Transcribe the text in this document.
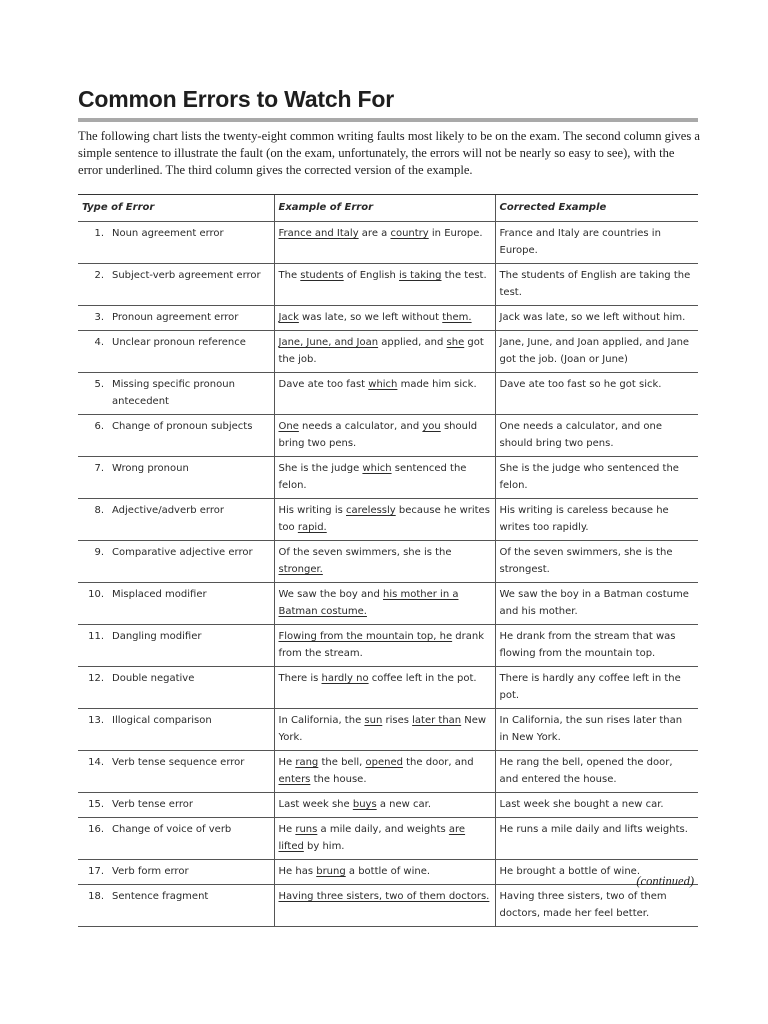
Common Errors to Watch For

The following chart lists the twenty-eight common writing faults most likely to be on the exam. The second column gives a simple sentence to illustrate the fault (on the exam, unfortunately, the errors will not be nearly so easy to see), with the error underlined. The third column gives the corrected version of the example.

Type of Error	Example of Error	Corrected Example

1. Noun agreement error	France and Italy are a country in Europe.	France and Italy are countries in Europe.

2. Subject-verb agreement error	The students of English is taking the test.	The students of English are taking the test.

3. Pronoun agreement error	Jack was late, so we left without them.	Jack was late, so we left without him.

4. Unclear pronoun reference	Jane, June, and Joan applied, and she got the job.	Jane, June, and Joan applied, and Jane got the job. (Joan or June)

5. Missing specific pronoun antecedent	Dave ate too fast which made him sick.	Dave ate too fast so he got sick.

6. Change of pronoun subjects	One needs a calculator, and you should bring two pens.	One needs a calculator, and one should bring two pens.

7. Wrong pronoun	She is the judge which sentenced the felon.	She is the judge who sentenced the felon.

8. Adjective/adverb error	His writing is carelessly because he writes too rapid.	His writing is careless because he writes too rapidly.

9. Comparative adjective error	Of the seven swimmers, she is the stronger.	Of the seven swimmers, she is the strongest.

10. Misplaced modifier	We saw the boy and his mother in a Batman costume.	We saw the boy in a Batman costume and his mother.

11. Dangling modifier	Flowing from the mountain top, he drank from the stream.	He drank from the stream that was flowing from the mountain top.

12. Double negative	There is hardly no coffee left in the pot.	There is hardly any coffee left in the pot.

13. Illogical comparison	In California, the sun rises later than New York.	In California, the sun rises later than in New York.

14. Verb tense sequence error	He rang the bell, opened the door, and enters the house.	He rang the bell, opened the door, and entered the house.

15. Verb tense error	Last week she buys a new car.	Last week she bought a new car.

16. Change of voice of verb	He runs a mile daily, and weights are lifted by him.	He runs a mile daily and lifts weights.

17. Verb form error	He has brung a bottle of wine.	He brought a bottle of wine.

18. Sentence fragment	Having three sisters, two of them doctors.	Having three sisters, two of them doctors, made her feel better.
(continued)
